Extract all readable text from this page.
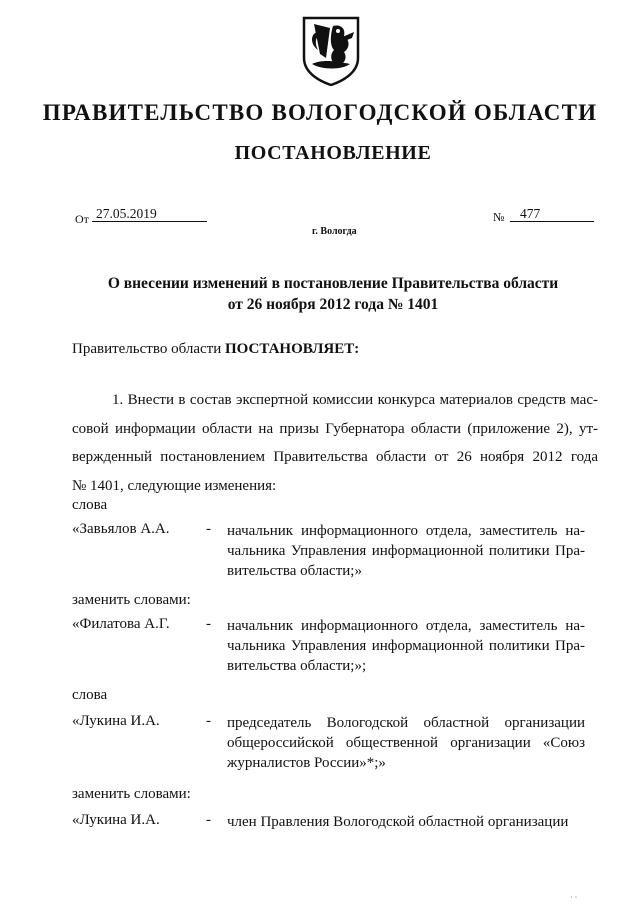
ПРАВИТЕЛЬСТВО ВОЛОГОДСКОЙ ОБЛАСТИ
ПОСТАНОВЛЕНИЕ
От 27.05.2019	№	477
г. Вологда
О внесении изменений в постановление Правительства области
от 26 ноября 2012 года № 1401
Правительство области ПОСТАНОВЛЯЕТ:
1. Внести в состав экспертной комиссии конкурса материалов средств мас-
совой информации области на призы Губернатора области (приложение 2), ут-
вержденный постановлением Правительства области от 26 ноября 2012 года
№ 1401, следующие изменения:
слова
«Завьялов А.А. - начальник информационного отдела, заместитель на-
чальника Управления информационной политики Пра-
вительства области;»
заменить словами:
«Филатова А.Г. - начальник информационного отдела, заместитель на-
чальника Управления информационной политики Пра-
вительства области;»;
слова
«Лукина И.А.	- председатель Вологодской областной организации
общероссийской общественной организации «Союз
журналистов России»*;»
заменить словами:
«Лукина И.А.	- член Правления Вологодской областной организации
· ·
